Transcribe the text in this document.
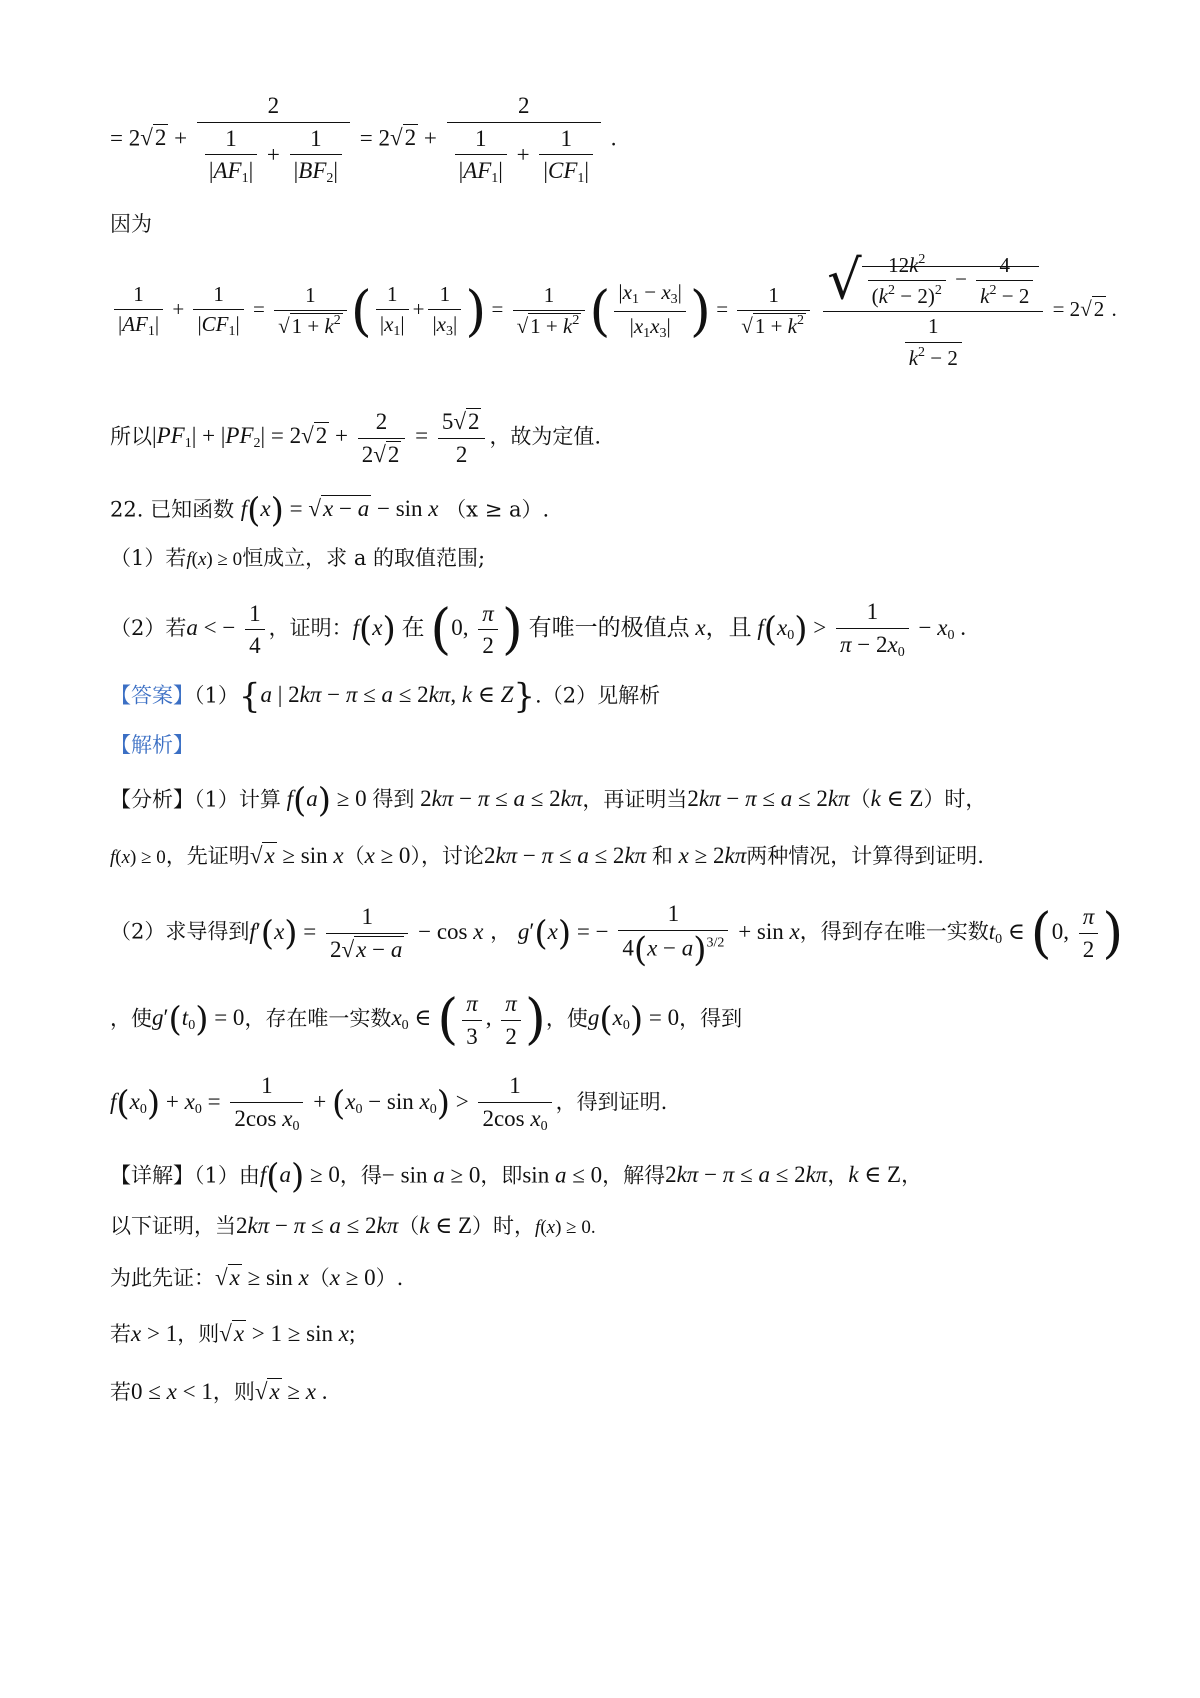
= $2√2 + \frac{2}{\frac{1}{|AF_1|} + \frac{1}{|BF_2|}} = 2√2 + \frac{2}{\frac{1}{|AF_1|} + \frac{1}{|CF_1|}}$ .
因为
$\frac{1}{|AF_1|} + \frac{1}{|CF_1|} = \frac{1}{√1 + k^2}$ ( $\frac{1}{|x_1|} + \frac{1}{|x_3|}$ ) = $\frac{1}{√1 + k^2}$ ( $\frac{|x_1 - x_3|}{|x_1x_3|}$ ) = $\frac{1}{√1 + k^2}$
$\frac{√ \frac{12k^2}{(k^2 - 2)^2} - \frac{4}{k^2 - 2}}{\frac{1}{k^2 - 2}} = 2√2$ .
所以$|PF_1| + |PF_2| = 2√2 + \frac{2}{2√2} = \frac{5√2}{2}$ ，故为定值.
22. 已知函数 f(x) = √x − a − sin x （x ≥ a）.
（1）若f(x) ≥ 0恒成立，求 a 的取值范围;
（2）若a < − $\frac{1}{4}$ ，证明：f(x) 在 (0, $\frac{\pi}{2}$ ) 有唯一的极值点 x，且 $f(x_0) > \frac{1}{\pi - 2x_0} - x_0$ .
【答案】（1）{a | 2kπ − π ≤ a ≤ 2kπ, k ∈ Z}.（2）见解析
【解析】
【分析】（1）计算 f(a) ≥ 0 得到 2kπ − π ≤ a ≤ 2kπ，再证明当2kπ − π ≤ a ≤ 2kπ（k ∈ Z）时，
f(x) ≥ 0，先证明√x ≥ sin x（x ≥ 0），讨论2kπ − π ≤ a ≤ 2kπ 和 x ≥ 2kπ两种情况，计算得到证明.
（2）求导得到$f'(x) = \frac{1}{2√x - a} - \cos x$ ， g′(x) = − $\frac{1}{4(x - a)^{3/2}} + \sin x$，得到存在唯一实数$t_0$ ∈ (0, $\frac{\pi}{2}$ )
，使$g'(t_0) = 0$，存在唯一实数$x_0$ ∈ ( $\frac{\pi}{3}$ , $\frac{\pi}{2}$ )，使$g(x_0) = 0$，得到
$f(x_0) + x_0 = \frac{1}{2\cos x_0} + (x_0 - \sin x_0) > \frac{1}{2\cos x_0}$ ，得到证明.
【详解】（1）由f(a) ≥ 0，得− sin a ≥ 0，即sin a ≤ 0，解得2kπ − π ≤ a ≤ 2kπ，k ∈ Z，
以下证明，当2kπ − π ≤ a ≤ 2kπ（k ∈ Z）时，f(x) ≥ 0.
为此先证：√x ≥ sin x（x ≥ 0）.
若x > 1，则√x > 1 ≥ sin x;
若0 ≤ x < 1，则√x ≥ x .
